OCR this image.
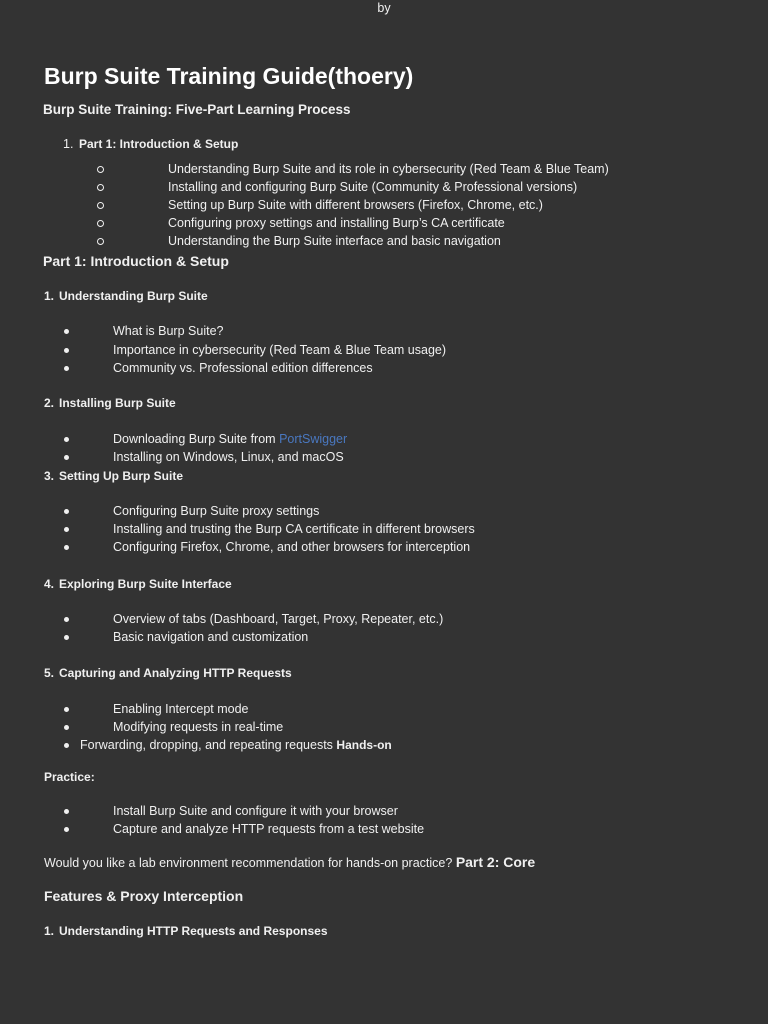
by
Burp Suite Training Guide(thoery)
Burp Suite Training: Five-Part Learning Process
1. Part 1: Introduction & Setup
Understanding Burp Suite and its role in cybersecurity (Red Team & Blue Team)
Installing and configuring Burp Suite (Community & Professional versions)
Setting up Burp Suite with different browsers (Firefox, Chrome, etc.)
Configuring proxy settings and installing Burp’s CA certificate
Understanding the Burp Suite interface and basic navigation
Part 1: Introduction & Setup
1. Understanding Burp Suite
What is Burp Suite?
Importance in cybersecurity (Red Team & Blue Team usage)
Community vs. Professional edition differences
2. Installing Burp Suite
Downloading Burp Suite from PortSwigger
Installing on Windows, Linux, and macOS
3. Setting Up Burp Suite
Configuring Burp Suite proxy settings
Installing and trusting the Burp CA certificate in different browsers
Configuring Firefox, Chrome, and other browsers for interception
4. Exploring Burp Suite Interface
Overview of tabs (Dashboard, Target, Proxy, Repeater, etc.)
Basic navigation and customization
5. Capturing and Analyzing HTTP Requests
Enabling Intercept mode
Modifying requests in real-time
Forwarding, dropping, and repeating requests Hands-on
Practice:
Install Burp Suite and configure it with your browser
Capture and analyze HTTP requests from a test website
Would you like a lab environment recommendation for hands-on practice? Part 2: Core
Features & Proxy Interception
1. Understanding HTTP Requests and Responses
